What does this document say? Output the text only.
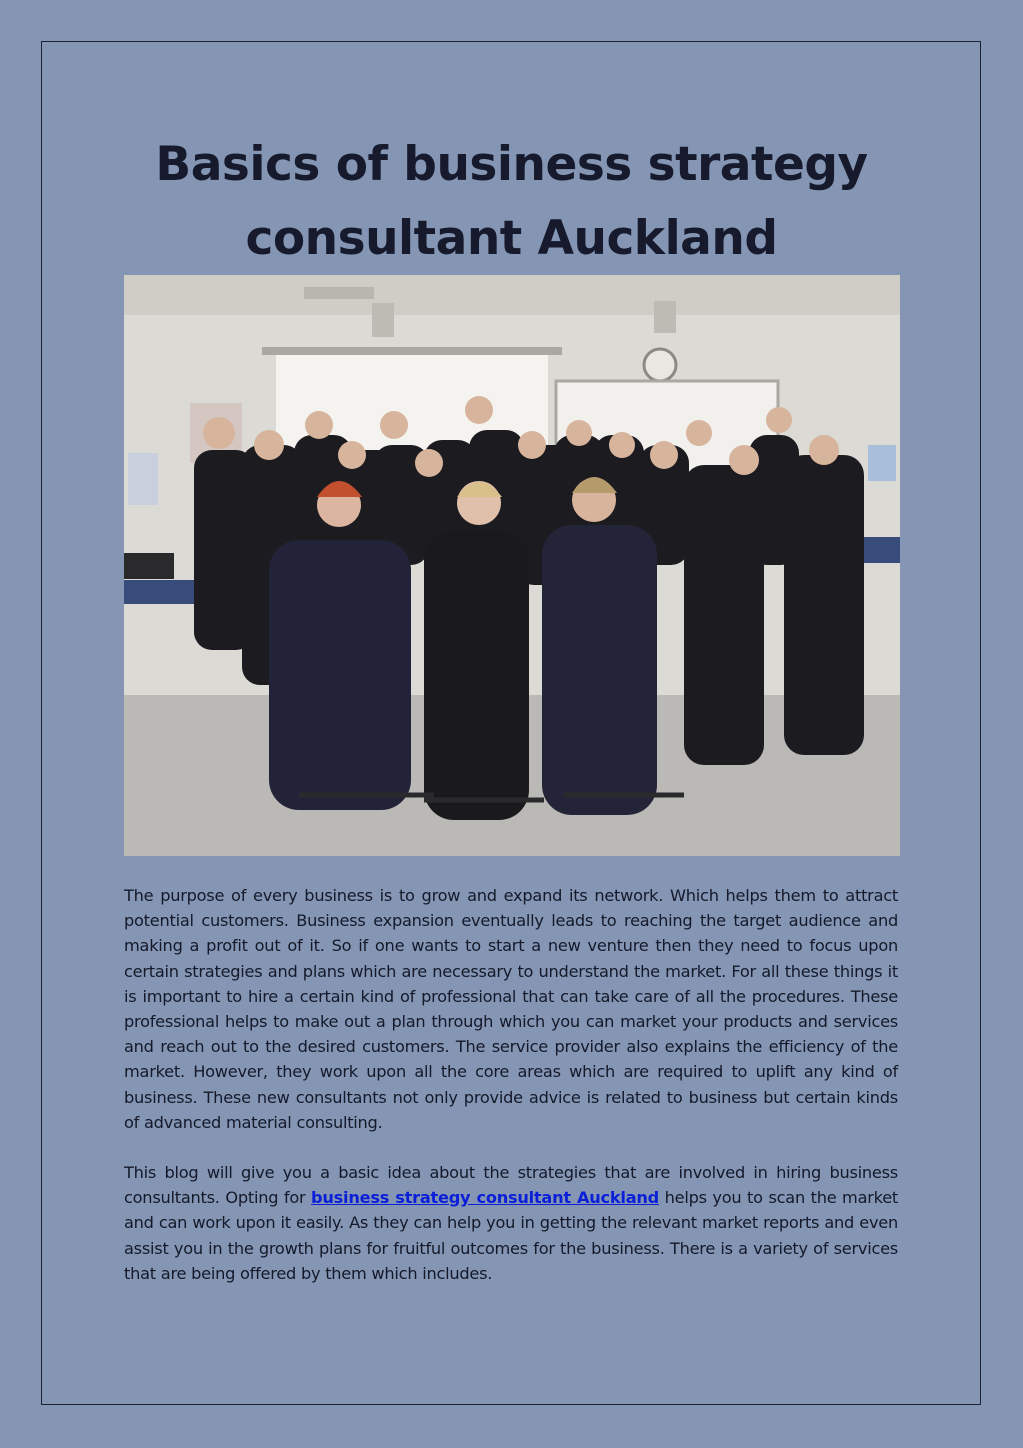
Basics of business strategy consultant Auckland

The purpose of every business is to grow and expand its network. Which helps them to attract potential customers. Business expansion eventually leads to reaching the target audience and making a profit out of it. So if one wants to start a new venture then they need to focus upon certain strategies and plans which are necessary to understand the market. For all these things it is important to hire a certain kind of professional that can take care of all the procedures. These professional helps to make out a plan through which you can market your products and services and reach out to the desired customers. The service provider also explains the efficiency of the market. However, they work upon all the core areas which are required to uplift any kind of business. These new consultants not only provide advice is related to business but certain kinds of advanced material consulting.

This blog will give you a basic idea about the strategies that are involved in hiring business consultants. Opting for business strategy consultant Auckland helps you to scan the market and can work upon it easily. As they can help you in getting the relevant market reports and even assist you in the growth plans for fruitful outcomes for the business. There is a variety of services that are being offered by them which includes.
